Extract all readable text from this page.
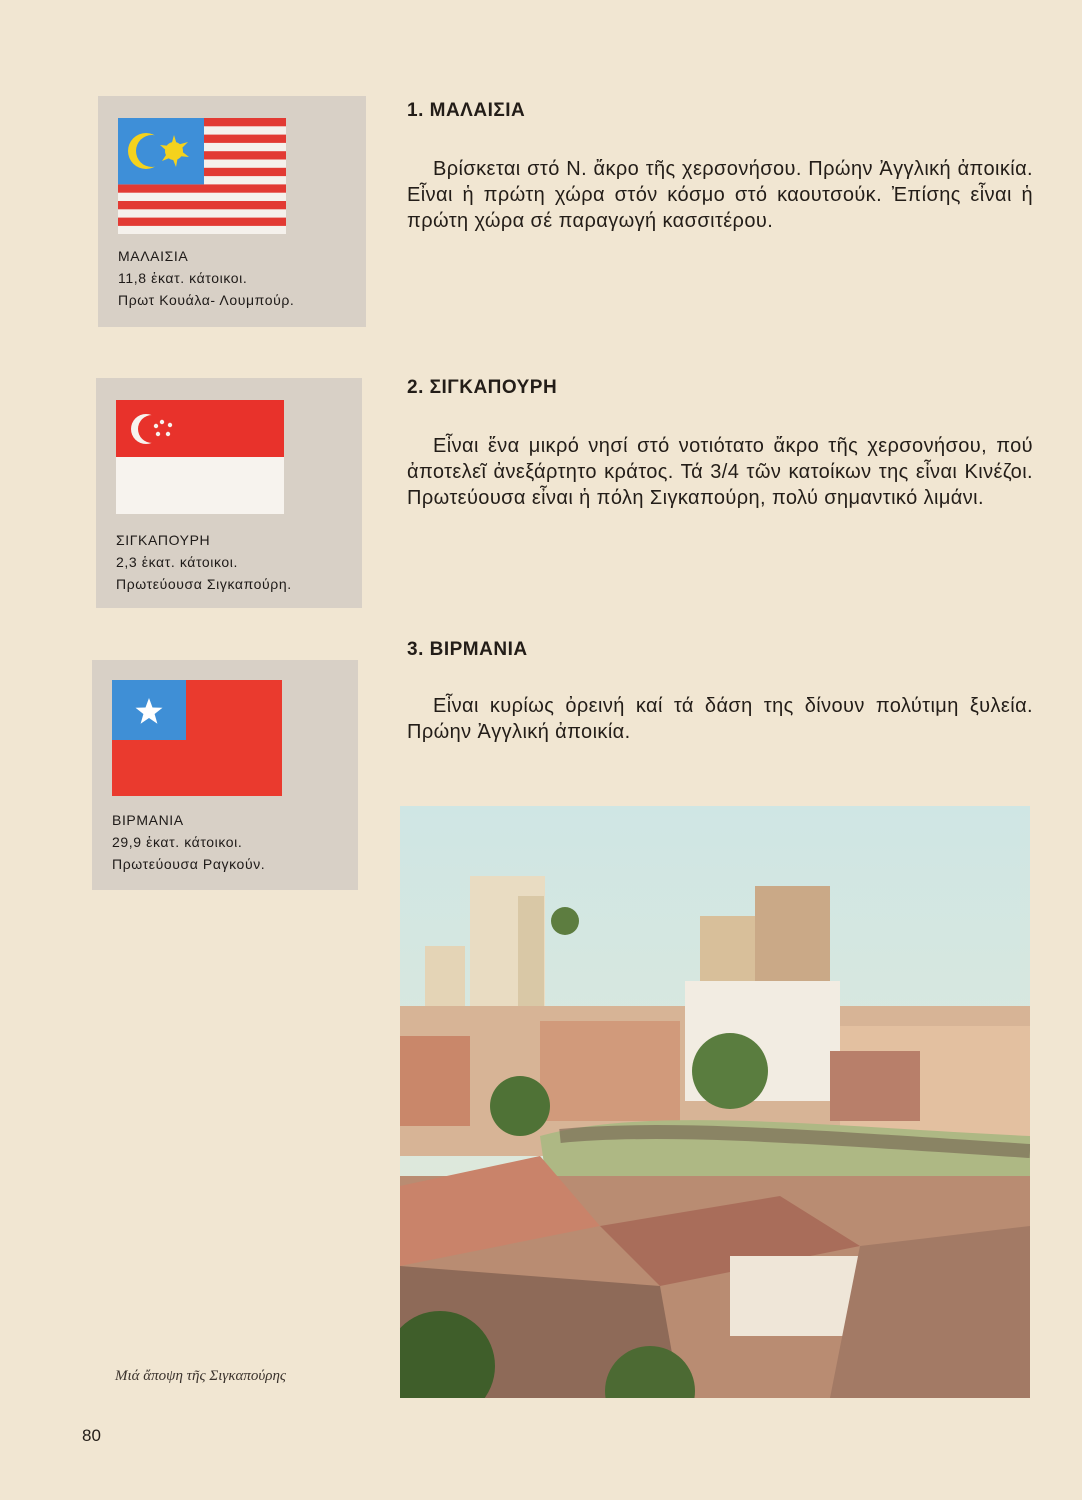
ΜΑΛΑΙΣΙΑ
11,8 ἑκατ. κάτοικοι.
Πρωτ Κουάλα- Λουμπούρ.
ΣΙΓΚΑΠΟΥΡΗ
2,3 ἑκατ. κάτοικοι.
Πρωτεύουσα Σιγκαπούρη.
ΒΙΡΜΑΝΙΑ
29,9 ἑκατ. κάτοικοι.
Πρωτεύουσα Ραγκούν.
1. ΜΑΛΑΙΣΙΑ

Βρίσκεται στό Ν. ἄκρο τῆς χερσονήσου. Πρώην Ἀγγλική ἀποικία. Εἶναι ἡ πρώτη χώρα στόν κόσμο στό καουτσούκ. Ἐπίσης εἶναι ἡ πρώτη χώρα σέ παραγωγή κασσιτέρου.

2. ΣΙΓΚΑΠΟΥΡΗ

Εἶναι ἕνα μικρό νησί στό νοτιότατο ἄκρο τῆς χερσονήσου, πού ἀποτελεῖ ἀνεξάρτητο κράτος. Τά 3/4 τῶν κατοίκων της εἶναι Κινέζοι. Πρωτεύουσα εἶναι ἡ πόλη Σιγκαπούρη, πολύ σημαντικό λιμάνι.

3. ΒΙΡΜΑΝΙΑ

Εἶναι κυρίως ὀρεινή καί τά δάση της δίνουν πολύτιμη ξυλεία. Πρώην Ἀγγλική ἀποικία.

Μιά ἄποψη τῆς Σιγκαπούρης
80
